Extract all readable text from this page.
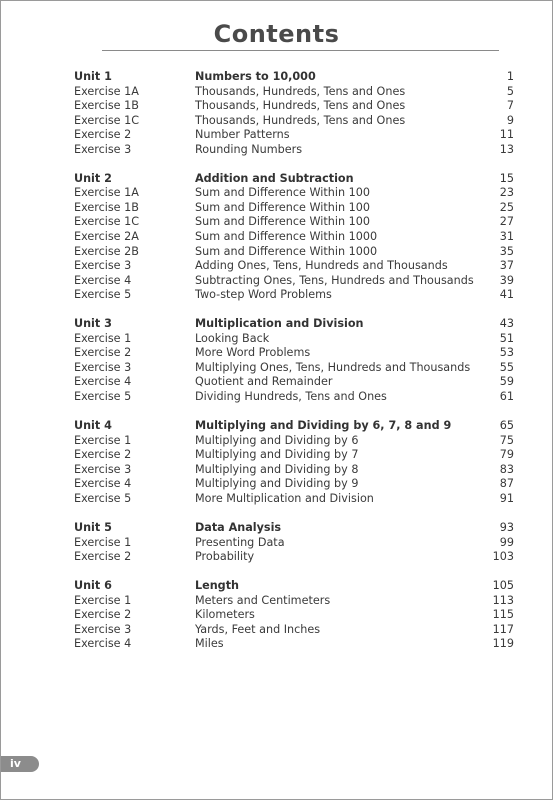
Contents
Unit 1	Numbers to 10,000	1
Exercise 1A	Thousands, Hundreds, Tens and Ones	5
Exercise 1B	Thousands, Hundreds, Tens and Ones	7
Exercise 1C	Thousands, Hundreds, Tens and Ones	9
Exercise 2	Number Patterns	11
Exercise 3	Rounding Numbers	13
Unit 2	Addition and Subtraction	15
Exercise 1A	Sum and Difference Within 100	23
Exercise 1B	Sum and Difference Within 100	25
Exercise 1C	Sum and Difference Within 100	27
Exercise 2A	Sum and Difference Within 1000	31
Exercise 2B	Sum and Difference Within 1000	35
Exercise 3	Adding Ones, Tens, Hundreds and Thousands	37
Exercise 4	Subtracting Ones, Tens, Hundreds and Thousands 39
Exercise 5	Two-step Word Problems	41
Unit 3	Multiplication and Division	43
Exercise 1	Looking Back	51
Exercise 2	More Word Problems	53
Exercise 3	Multiplying Ones, Tens, Hundreds and Thousands	55
Exercise 4	Quotient and Remainder	59
Exercise 5	Dividing Hundreds, Tens and Ones	61
Unit 4	Multiplying and Dividing by 6, 7, 8 and 9	65
Exercise 1	Multiplying and Dividing by 6	75
Exercise 2	Multiplying and Dividing by 7	79
Exercise 3	Multiplying and Dividing by 8	83
Exercise 4	Multiplying and Dividing by 9	87
Exercise 5	More Multiplication and Division	91
Unit 5	Data Analysis	93
Exercise 1	Presenting Data	99
Exercise 2	Probability	103
Unit 6	Length	105
Exercise 1	Meters and Centimeters	113
Exercise 2	Kilometers	115
Exercise 3	Yards, Feet and Inches	117
Exercise 4	Miles	119
iv
